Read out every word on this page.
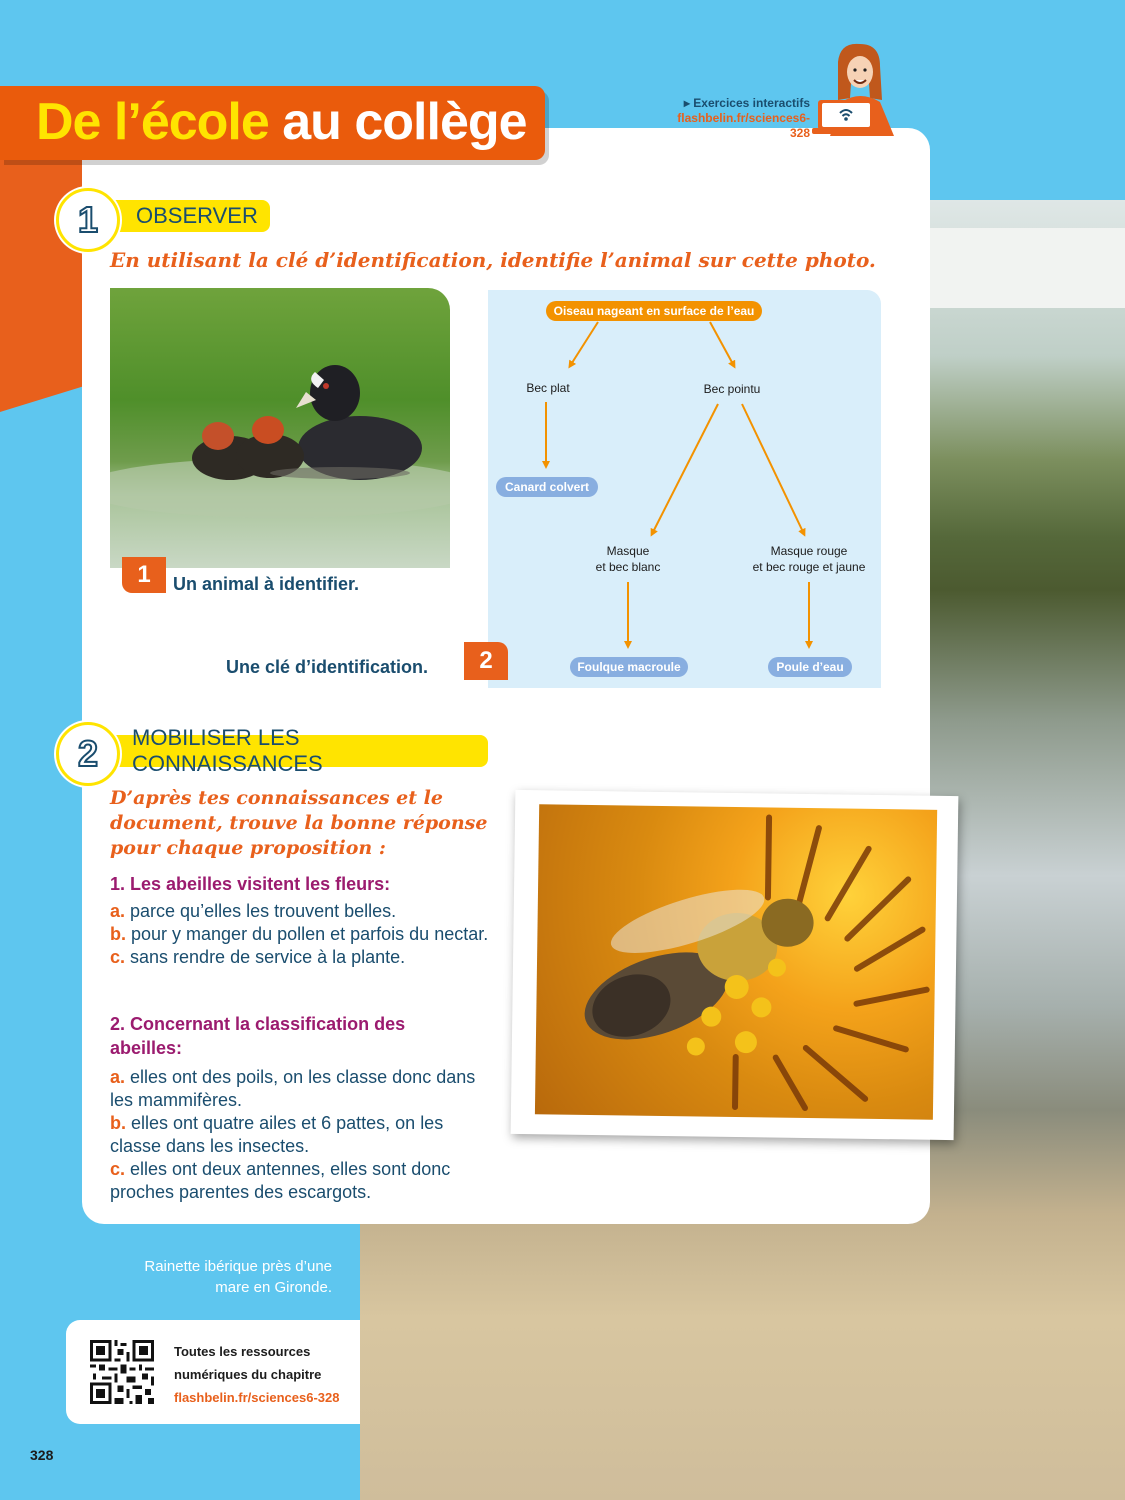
De l’école au collège	▸ Exercices interactifs
flashbelin.fr/sciences6-328
OBSERVER
1
En utilisant la clé d’identification, identifie l’animal sur cette photo.
1 Un animal à identifier.
Oiseau nageant en surface de l’eau
Bec plat	Bec pointu
Canard colvert
Masque
et bec blanc
Masque rouge
et bec rouge et jaune
Foulque macroule	Poule d’eau
Une clé d’identification. 2
MOBILISER LES CONNAISSANCES
2
D’après tes connaissances et le document, trouve la bonne réponse pour chaque proposition :
1. Les abeilles visitent les fleurs:
a. parce qu’elles les trouvent belles.
b. pour y manger du pollen et parfois du nectar.
c. sans rendre de service à la plante.
2. Concernant la classification des abeilles:
a. elles ont des poils, on les classe donc dans les mammifères.
b. elles ont quatre ailes et 6 pattes, on les classe dans les insectes.
c. elles ont deux antennes, elles sont donc proches parentes des escargots.
Rainette ibérique près d’une mare en Gironde.
Toutes les ressources
numériques du chapitre
flashbelin.fr/sciences6-328
328
